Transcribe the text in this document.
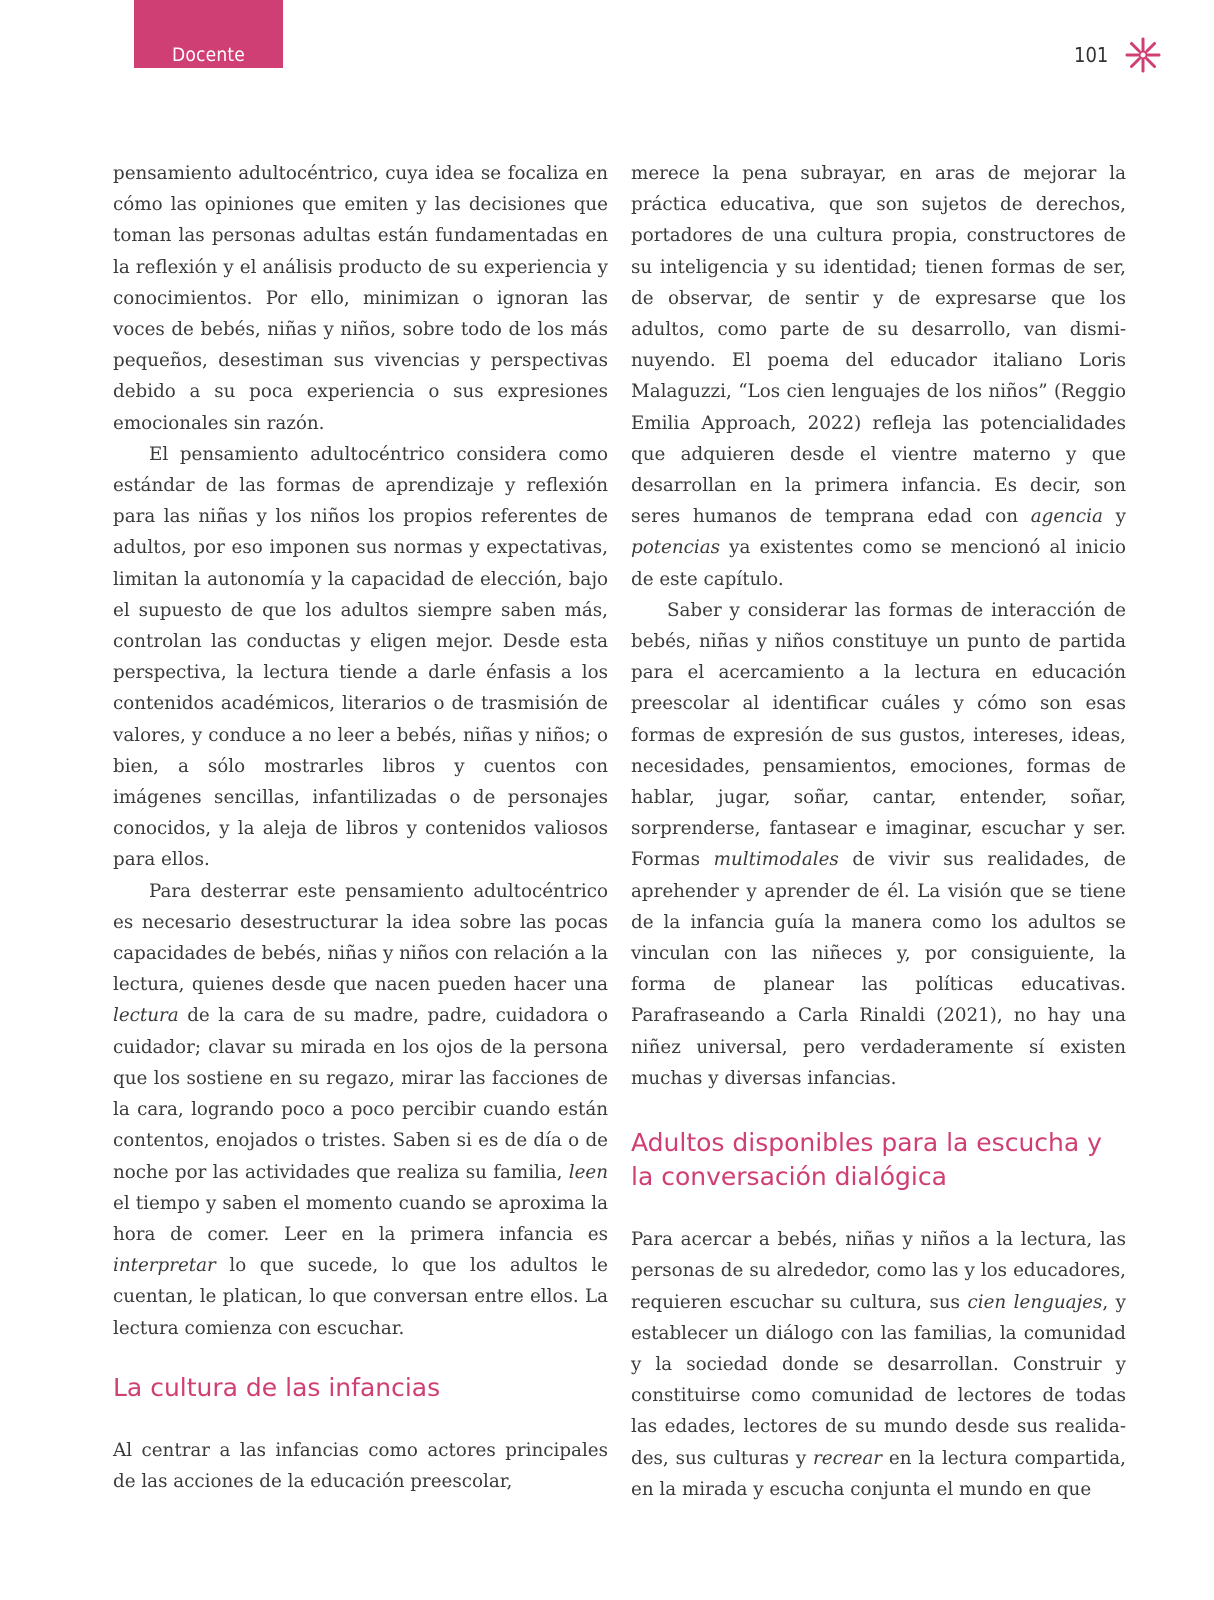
Docente	101

pensamiento adultocéntrico, cuya idea se focaliza en cómo las opiniones que emiten y las decisiones que toman las personas adultas están fundamentadas en la reflexión y el análisis producto de su experiencia y conocimientos. Por ello, minimizan o ignoran las voces de bebés, niñas y niños, sobre todo de los más pequeños, desestiman sus vivencias y perspectivas debido a su poca experiencia o sus expresiones emocionales sin razón.

El pensamiento adultocéntrico considera como estándar de las formas de aprendizaje y reflexión para las niñas y los niños los propios referentes de adultos, por eso imponen sus normas y expectativas, limitan la autonomía y la capacidad de elección, bajo el supuesto de que los adultos siempre saben más, controlan las conductas y eligen mejor. Desde esta perspectiva, la lectura tiende a darle énfasis a los contenidos académicos, literarios o de trasmisión de valores, y conduce a no leer a bebés, niñas y niños; o bien, a sólo mostrarles libros y cuentos con imágenes sencillas, infantilizadas o de personajes conocidos, y la aleja de libros y contenidos valiosos para ellos.

Para desterrar este pensamiento adultocéntrico es necesario desestructurar la idea sobre las pocas capacidades de bebés, niñas y niños con relación a la lectura, quienes desde que nacen pueden hacer una lectura de la cara de su madre, padre, cuidadora o cuidador; clavar su mirada en los ojos de la persona que los sostiene en su regazo, mirar las facciones de la cara, logrando poco a poco percibir cuando están contentos, enojados o tristes. Saben si es de día o de noche por las actividades que realiza su familia, leen el tiempo y saben el momento cuando se aproxima la hora de comer. Leer en la primera infancia es interpretar lo que sucede, lo que los adultos le cuentan, le platican, lo que conversan entre ellos. La lectura comienza con escuchar.

La cultura de las infancias

Al centrar a las infancias como actores principales de las acciones de la educación preescolar,

merece la pena subrayar, en aras de mejorar la práctica educativa, que son sujetos de derechos, portadores de una cultura propia, constructores de su inteligencia y su identidad; tienen formas de ser, de observar, de sentir y de expresarse que los adultos, como parte de su desarrollo, van disminuyendo. El poema del educador italiano Loris Malaguzzi, “Los cien lenguajes de los niños” (Reggio Emilia Approach, 2022) refleja las potencialidades que adquieren desde el vientre materno y que desarrollan en la primera infancia. Es decir, son seres humanos de temprana edad con agencia y potencias ya existentes como se mencionó al inicio de este capítulo.

Saber y considerar las formas de interacción de bebés, niñas y niños constituye un punto de partida para el acercamiento a la lectura en educación preescolar al identificar cuáles y cómo son esas formas de expresión de sus gustos, intereses, ideas, necesidades, pensamientos, emociones, formas de hablar, jugar, soñar, cantar, entender, soñar, sorprenderse, fantasear e imaginar, escuchar y ser. Formas multimodales de vivir sus realidades, de aprehender y aprender de él. La visión que se tiene de la infancia guía la manera como los adultos se vinculan con las niñeces y, por consiguiente, la forma de planear las políticas educativas. Parafraseando a Carla Rinaldi (2021), no hay una niñez universal, pero verdaderamente sí existen muchas y diversas infancias.

Adultos disponibles para la escucha y la conversación dialógica

Para acercar a bebés, niñas y niños a la lectura, las personas de su alrededor, como las y los educadores, requieren escuchar su cultura, sus cien lenguajes, y establecer un diálogo con las familias, la comunidad y la sociedad donde se desarrollan. Construir y constituirse como comunidad de lectores de todas las edades, lectores de su mundo desde sus realidades, sus culturas y recrear en la lectura compartida, en la mirada y escucha conjunta el mundo en que
